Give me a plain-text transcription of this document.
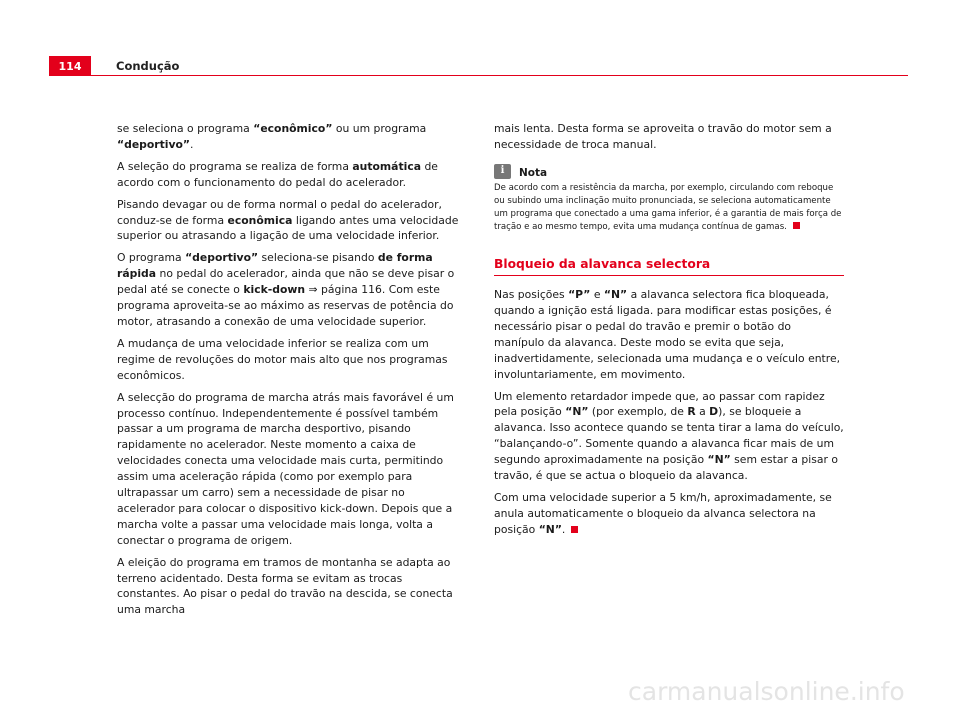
114	Condução

se seleciona o programa “econômico” ou um programa “deportivo”.

A seleção do programa se realiza de forma automática de acordo com o funcionamento do pedal do acelerador.

Pisando devagar ou de forma normal o pedal do acelerador, conduz-se de forma econômica ligando antes uma velocidade superior ou atrasando a ligação de uma velocidade inferior.

O programa “deportivo” seleciona-se pisando de forma rápida no pedal do acelerador, ainda que não se deve pisar o pedal até se conecte o kick-down ⇒ página 116. Com este programa aproveita-se ao máximo as reservas de potência do motor, atrasando a conexão de uma velocidade superior.

A mudança de uma velocidade inferior se realiza com um regime de revoluções do motor mais alto que nos programas econômicos.

A selecção do programa de marcha atrás mais favorável é um processo contínuo. Independentemente é possível também passar a um programa de marcha desportivo, pisando rapidamente no acelerador. Neste momento a caixa de velocidades conecta uma velocidade mais curta, permitindo assim uma aceleração rápida (como por exemplo para ultrapassar um carro) sem a necessidade de pisar no acelerador para colocar o dispositivo kick-down. Depois que a marcha volte a passar uma velocidade mais longa, volta a conectar o programa de origem.

A eleição do programa em tramos de montanha se adapta ao terreno acidentado. Desta forma se evitam as trocas constantes. Ao pisar o pedal do travão na descida, se conecta uma marcha

mais lenta. Desta forma se aproveita o travão do motor sem a necessidade de troca manual.

i	Nota

De acordo com a resistência da marcha, por exemplo, circulando com reboque ou subindo uma inclinação muito pronunciada, se seleciona automaticamente um programa que conectado a uma gama inferior, é a garantia de mais força de tração e ao mesmo tempo, evita uma mudança contínua de gamas.

Bloqueio da alavanca selectora

Nas posições “P” e “N” a alavanca selectora fica bloqueada, quando a ignição está ligada. para modificar estas posições, é necessário pisar o pedal do travão e premir o botão do manípulo da alavanca. Deste modo se evita que seja, inadvertidamente, selecionada uma mudança e o veículo entre, involuntariamente, em movimento.

Um elemento retardador impede que, ao passar com rapidez pela posição “N” (por exemplo, de R a D), se bloqueie a alavanca. Isso acontece quando se tenta tirar a lama do veículo, “balançando-o”. Somente quando a alavanca ficar mais de um segundo aproximadamente na posição “N” sem estar a pisar o travão, é que se actua o bloqueio da alavanca.

Com uma velocidade superior a 5 km/h, aproximadamente, se anula automaticamente o bloqueio da alvanca selectora na posição “N”.

carmanualsonline.info
